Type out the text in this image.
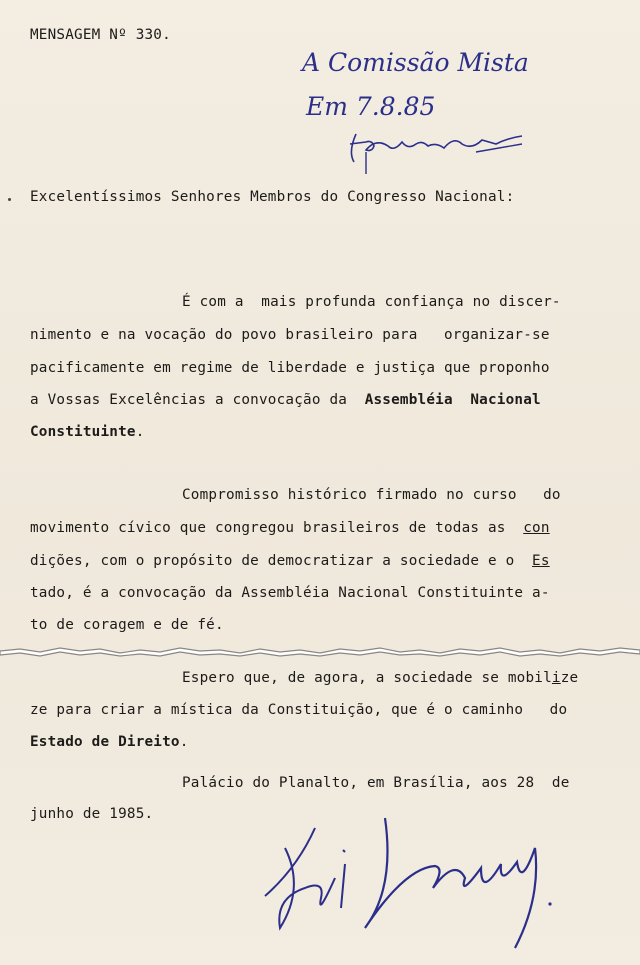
MENSAGEM Nº 330.
A Comissão Mista
Em 7.8.85
Excelentíssimos Senhores Membros do Congresso Nacional:
É com a  mais profunda confiança no discer-
nimento e na vocação do povo brasileiro para   organizar-se
pacificamente em regime de liberdade e justiça que proponho
a Vossas Excelências a convocação da  Assembléia  Nacional
Constituinte.
Compromisso histórico firmado no curso   do
movimento cívico que congregou brasileiros de todas as  con
dições, com o propósito de democratizar a sociedade e o  Es
tado, é a convocação da Assembléia Nacional Constituinte a-
to de coragem e de fé.
Espero que, de agora, a sociedade se mobilize
ze para criar a mística da Constituição, que é o caminho   do
Estado de Direito.
Palácio do Planalto, em Brasília, aos 28  de
junho de 1985.
